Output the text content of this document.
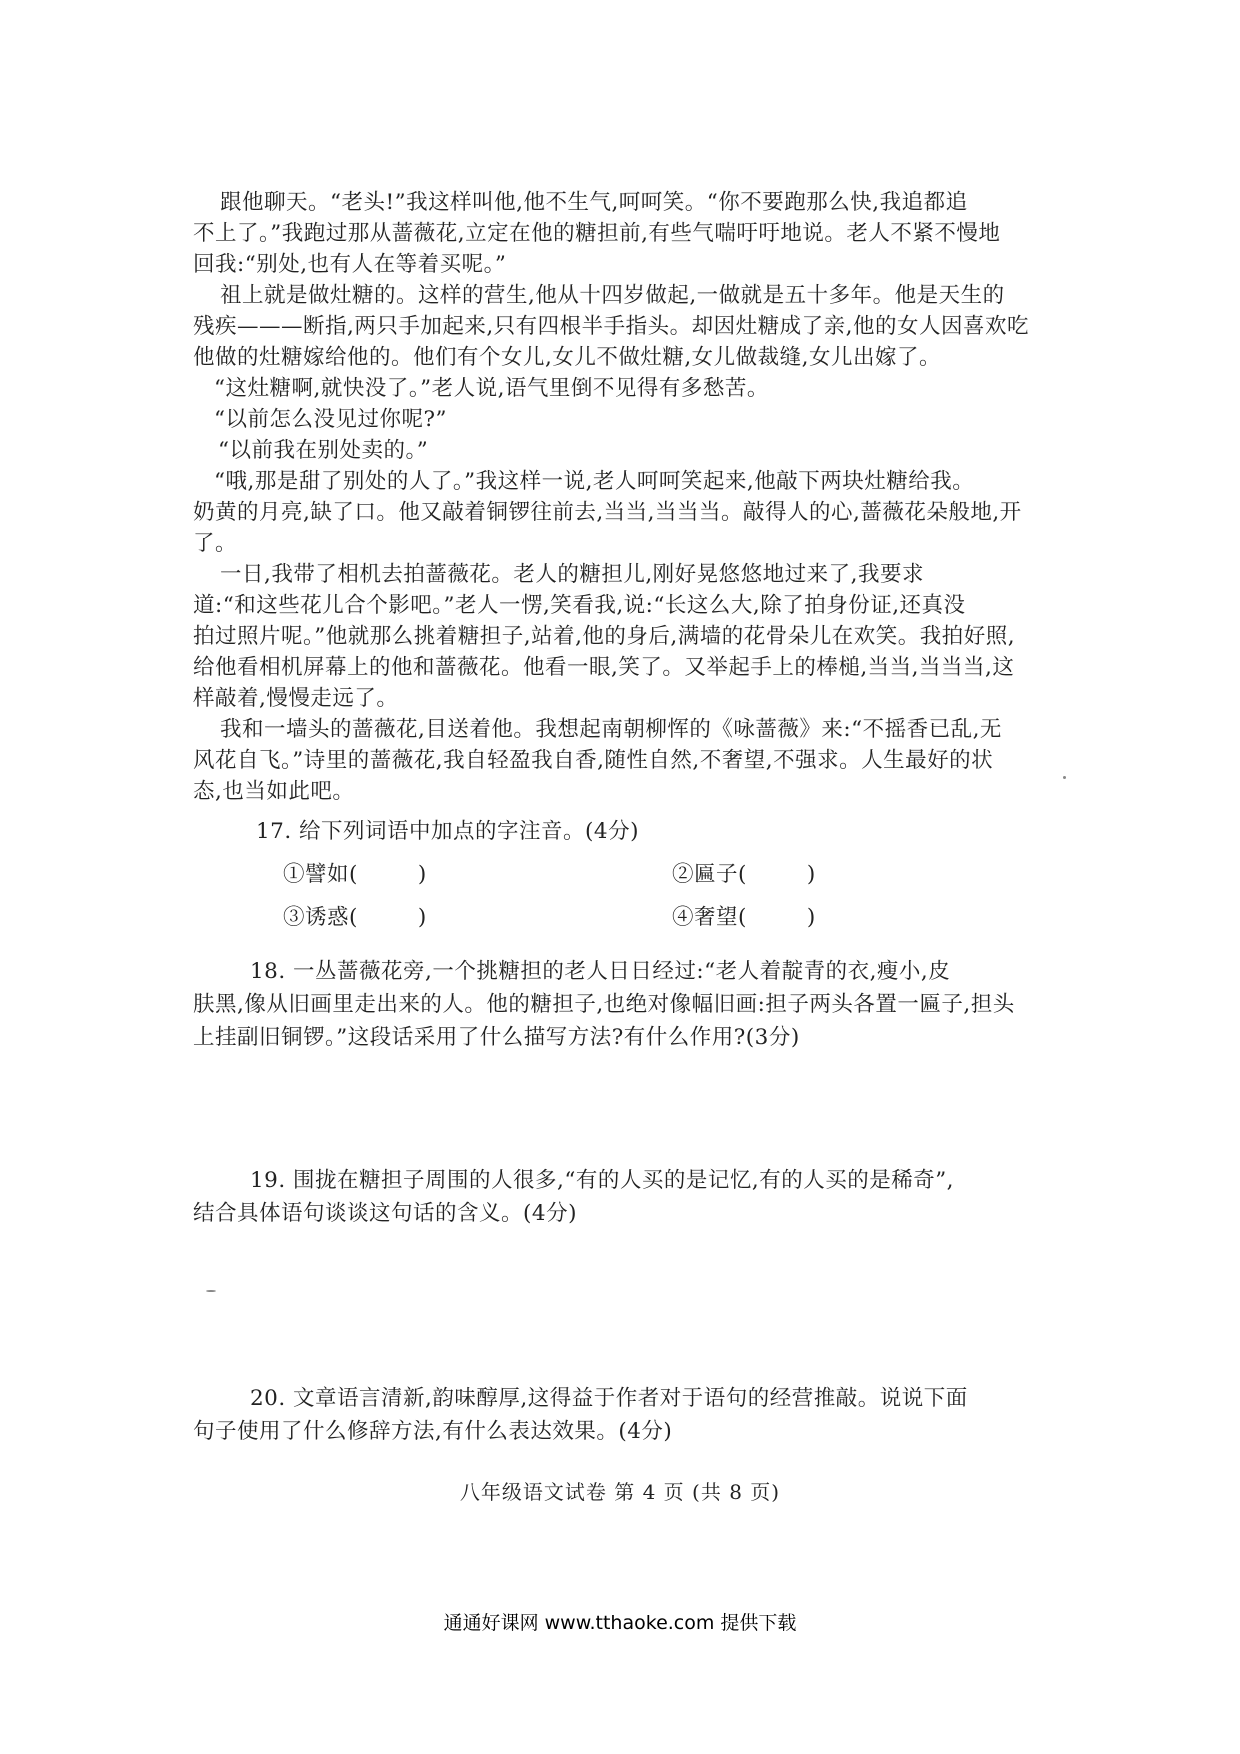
跟他聊天。“老头!”我这样叫他,他不生气,呵呵笑。“你不要跑那么快,我追都追

不上了。”我跑过那从蔷薇花,立定在他的糖担前,有些气喘吁吁地说。老人不紧不慢地

回我:“别处,也有人在等着买呢。”

祖上就是做灶糖的。这样的营生,他从十四岁做起,一做就是五十多年。他是天生的

残疾———断指,两只手加起来,只有四根半手指头。却因灶糖成了亲,他的女人因喜欢吃

他做的灶糖嫁给他的。他们有个女儿,女儿不做灶糖,女儿做裁缝,女儿出嫁了。

“这灶糖啊,就快没了。”老人说,语气里倒不见得有多愁苦。

“以前怎么没见过你呢?”

“以前我在别处卖的。”

“哦,那是甜了别处的人了。”我这样一说,老人呵呵笑起来,他敲下两块灶糖给我。

奶黄的月亮,缺了口。他又敲着铜锣往前去,当当,当当当。敲得人的心,蔷薇花朵般地,开

了。

一日,我带了相机去拍蔷薇花。老人的糖担儿,刚好晃悠悠地过来了,我要求

道:“和这些花儿合个影吧。”老人一愣,笑看我,说:“长这么大,除了拍身份证,还真没

拍过照片呢。”他就那么挑着糖担子,站着,他的身后,满墙的花骨朵儿在欢笑。我拍好照,

给他看相机屏幕上的他和蔷薇花。他看一眼,笑了。又举起手上的棒槌,当当,当当当,这

样敲着,慢慢走远了。

我和一墙头的蔷薇花,目送着他。我想起南朝柳恽的《咏蔷薇》来:“不摇香已乱,无

风花自飞。”诗里的蔷薇花,我自轻盈我自香,随性自然,不奢望,不强求。人生最好的状

态,也当如此吧。

17. 给下列词语中加点的字注音。(4分)

①譬如(	)	②匾子(	)
③诱惑(	)	④奢望(	)

18. 一丛蔷薇花旁,一个挑糖担的老人日日经过:“老人着靛青的衣,瘦小,皮

肤黑,像从旧画里走出来的人。他的糖担子,也绝对像幅旧画:担子两头各置一匾子,担头

上挂副旧铜锣。”这段话采用了什么描写方法?有什么作用?(3分)

19. 围拢在糖担子周围的人很多,“有的人买的是记忆,有的人买的是稀奇”,

结合具体语句谈谈这句话的含义。(4分)

20. 文章语言清新,韵味醇厚,这得益于作者对于语句的经营推敲。说说下面

句子使用了什么修辞方法,有什么表达效果。(4分)

八年级语文试卷 第 4 页 (共 8 页)
通通好课网 www.tthaoke.com 提供下载
